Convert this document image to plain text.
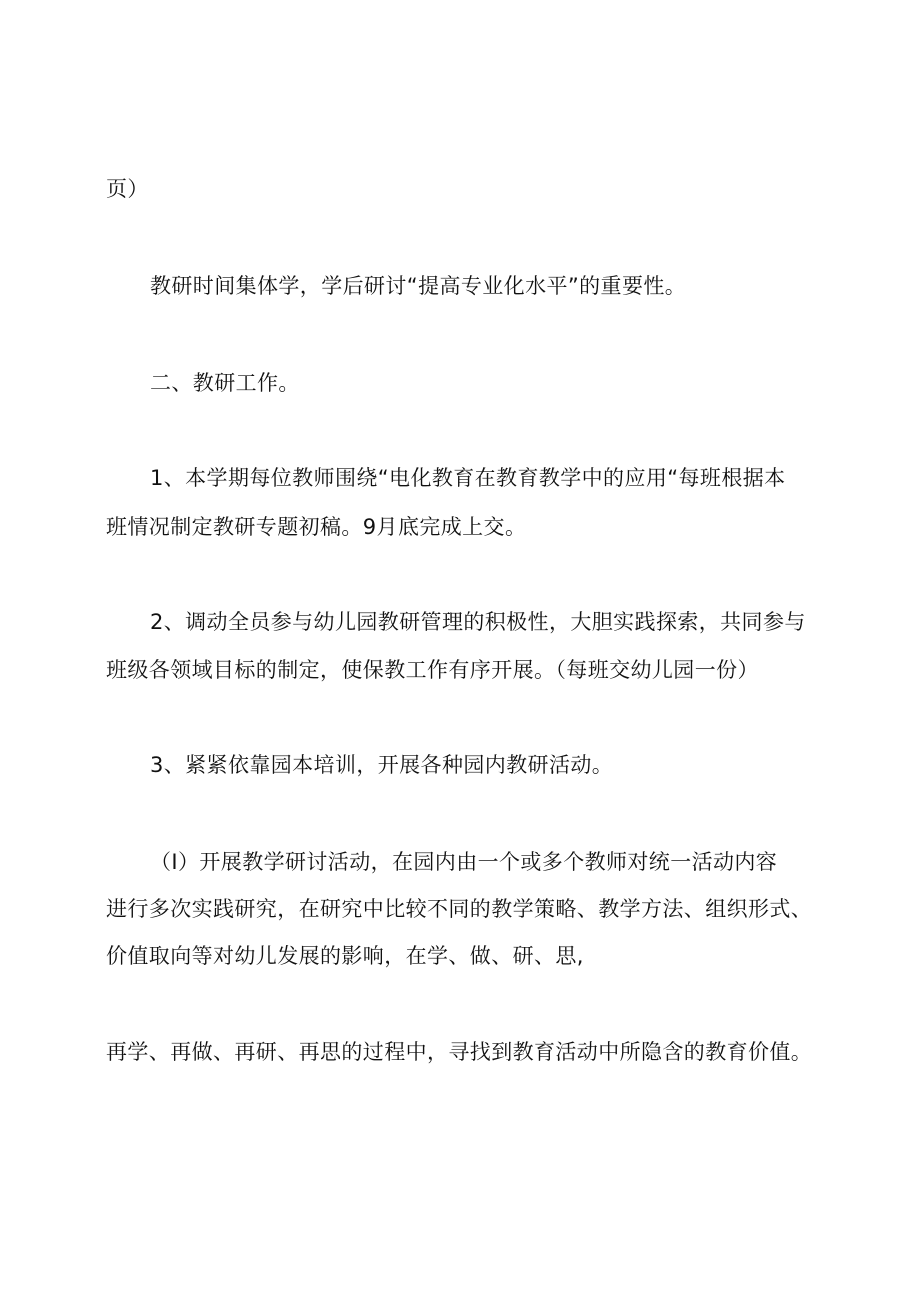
页）
教研时间集体学，学后研讨“提高专业化水平”的重要性。
二、教研工作。
1、本学期每位教师围绕“电化教育在教育教学中的应用“每班根据本
班情况制定教研专题初稿。9月底完成上交。
2、调动全员参与幼儿园教研管理的积极性，大胆实践探索，共同参与
班级各领域目标的制定，使保教工作有序开展。（每班交幼儿园一份）
3、紧紧依靠园本培训，开展各种园内教研活动。
（I）开展教学研讨活动，在园内由一个或多个教师对统一活动内容
进行多次实践研究，在研究中比较不同的教学策略、教学方法、组织形式、
价值取向等对幼儿发展的影响，在学、做、研、思,
再学、再做、再研、再思的过程中，寻找到教育活动中所隐含的教育价值。
